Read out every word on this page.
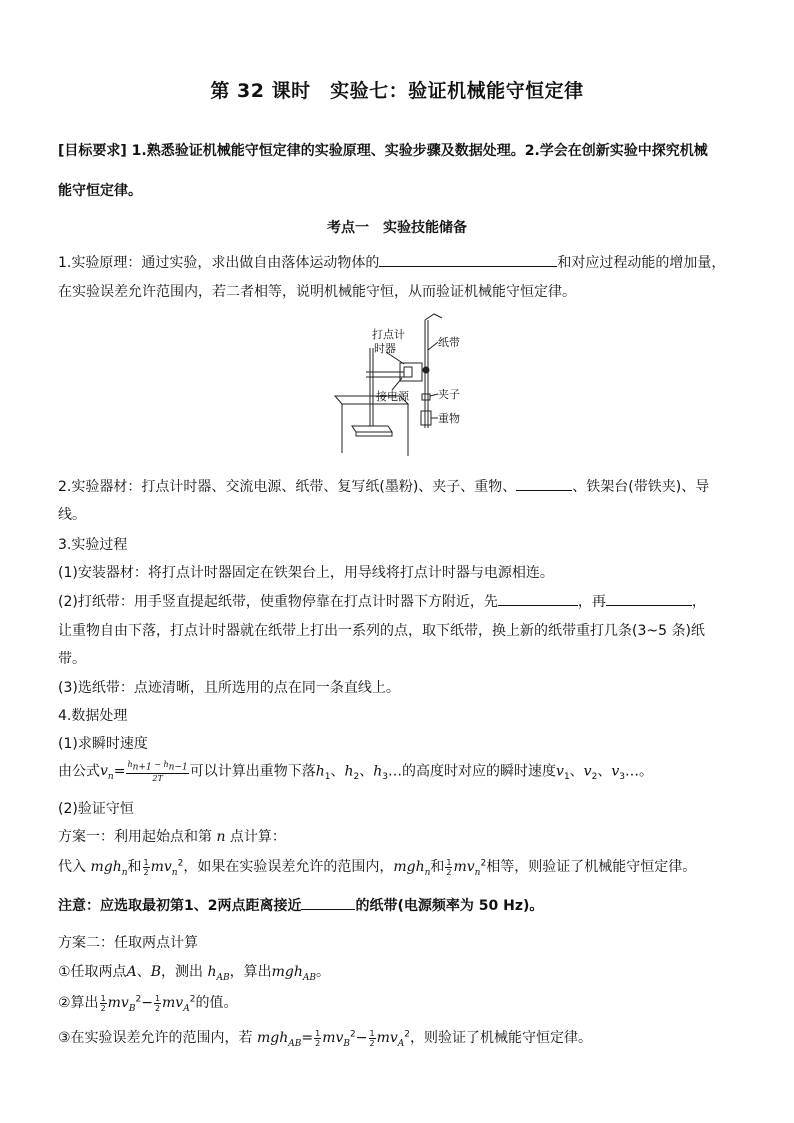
第 32 课时　实验七：验证机械能守恒定律
[目标要求] 1.熟悉验证机械能守恒定律的实验原理、实验步骤及数据处理。2.学会在创新实验中探究机械
能守恒定律。
考点一　实验技能储备
1.实验原理：通过实验，求出做自由落体运动物体的	和对应过程动能的增加量，
在实验误差允许范围内，若二者相等，说明机械能守恒，从而验证机械能守恒定律。
打点计
时器	纸带
接电源	夹子
重物
2.实验器材：打点计时器、交流电源、纸带、复写纸(墨粉)、夹子、重物、	、铁架台(带铁夹)、导
线。
3.实验过程
(1)安装器材：将打点计时器固定在铁架台上，用导线将打点计时器与电源相连。
(2)打纸带：用手竖直提起纸带，使重物停靠在打点计时器下方附近，先	，再	，
让重物自由下落，打点计时器就在纸带上打出一系列的点，取下纸带，换上新的纸带重打几条(3~5 条)纸
带。
(3)选纸带：点迹清晰，且所选用的点在同一条直线上。
4.数据处理
(1)求瞬时速度
由公式$v_n= \frac{h_{n+1} - h_{n-1}}{2T}$ 可以计算出重物下落$h_1$、$h_2$、$h_3\dots$的高度时对应的瞬时速度$v_1$、$v_2$、$v_3\dots$。
(2)验证守恒
方案一：利用起始点和第 n 点计算：
代入 mgh$_n$和 $\frac{1}{2} mv_n^2$，如果在实验误差允许的范围内，mgh$_n$和 $\frac{1}{2} mv_n^2$相等，则验证了机械能守恒定律。
注意：应选取最初第1、2两点距离接近	的纸带(电源频率为 50 Hz)。
方案二：任取两点计算
①任取两点A、B，测出 $h_{AB}$，算出mgh$_{AB}$。
②算出 $\frac{1}{2} mv_B^2- \frac{1}{2} mv_A^2$的值。
③在实验误差允许的范围内，若 $mgh_{AB}= \frac{1}{2} mv_B^2- \frac{1}{2} mv_A^2$，则验证了机械能守恒定律。
